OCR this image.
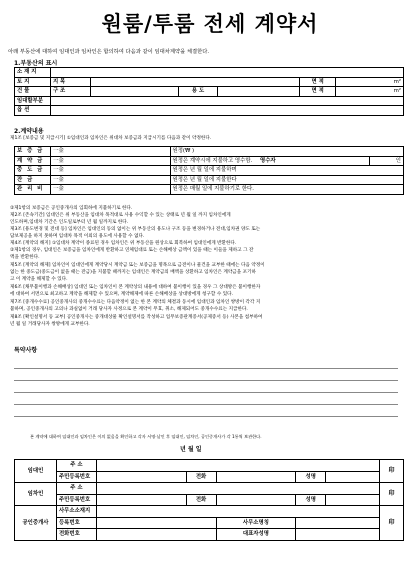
원룸/투룸 전세 계약서
아래 부동산에 대하여 임대인과 임차인은 합의하여 다음과 같이 임대차계약을 체결한다.
1.부동산의 표시
소 재 지						
토 지	지 목				면 적	m²
건 물	구 조		용 도		면 적	m²
임대할부분						
옵 션						
2.계약내용
제1조 [보증금 및 지급시기] ①임대인과 임차인은 위대차 보증금과 지급시기를 다음과 같이 약정한다.
보 증 금	一金	원정(₩ )	
계 약 금	一金	원정은 계약시에 지불하고 영수함. 영수자	인
중 도 금	一金	원정은 년 월 일에 지불하며	
잔 금	一金	원정은 년 월 일에 지불한다	
관 리 비	一金	원정은 매월 일에 지불하기로 한다.	
②제1항의 보증금은 공인중개사의 입회하에 지불하기로 한다.
제2조 [존속기간] 임대인은 위 부동산을 임대차 목적대로 사용 수익할 수 있는 상태로 년 월 일 까지 임차인에게
인도하며,임대차 기간은 인도일로부터 년 월 일까지로 한다.
제3조 [용도변경 및 전대 등] 임차인은 임대인의 동의 없이는 위 부동산의 용도나 구조 등을 변경하거나 전대,임차권 양도 또는
담보제공을 하지 못하며 임대차 목적 이외의 용도에 사용할 수 없다.
제4조 [계약의 해지] ①임대차 계약이 종료된 경우 임차인은 위 부동산을 원상으로 회복하여 임대인에게 반환한다.
②제1항의 경우, 임대인은 보증금을 임차인에게 반환하고 연체임대료 또는 손해배상 금액이 있을 때는 이들을 제하고 그 잔
액을 반환한다.
제5조 [계약의 해제] 임차인이 임대인에게 계약당시 계약금 또는 보증금을 명목으로 금전이나 물건을 교부한 때에는 다음 약정이
없는 한 중도금(중도금이 없을 때는 잔금)을 지불할 때까지는 임대인은 계약금의 배액을 상환하고 임차인은 계약금을 포기하
고 이 계약을 해제할 수 있다.
제6조 [채무불이행과 손해배상] 임대인 또는 임차인이 본 계약상의 내용에 대하여 불이행이 있을 경우 그 상대방은 불이행한자
에 대하여 서면으로 최고하고 계약을 해제할 수 있으며, 계약해제에 따른 손해배상을 상대방에게 청구할 수 있다.
제7조 [중개수수료] 공인중개사의 중개수수료는 다음약정이 없는 한 본 계약의 체결과 동시에 임대인과 임차인 쌍방이 각각 지
불하며, 공인중개사의 고의나 과실없이 거래 당사자 사정으로 본 계약이 무효, 취소, 해제되어도 중개수수료는 지급한다.
제8조 [확인설명서 등 교부] 공인중개사는 중개대상물 확인설명서를 작성하고 업무보증관계증서(공제증서 등) 사본을 첨부하여
년 월 일 거래당사자 쌍방에게 교부한다.
특약사항
본 계약에 대하여 임대인과 임차인은 이의 없음을 확인하고 각자 서명·날인 후 임대인, 임차인, 공인중개사가 각 1통씩 보관한다.
년 월 일
임대인	주 소						印
	주민등록번호		전화		성명		
임차인	주 소						印
	주민등록번호		전화		성명		
공인중개사	사무소소재지						印
	등록번호			사무소명칭			
	전화번호			대표자성명			
